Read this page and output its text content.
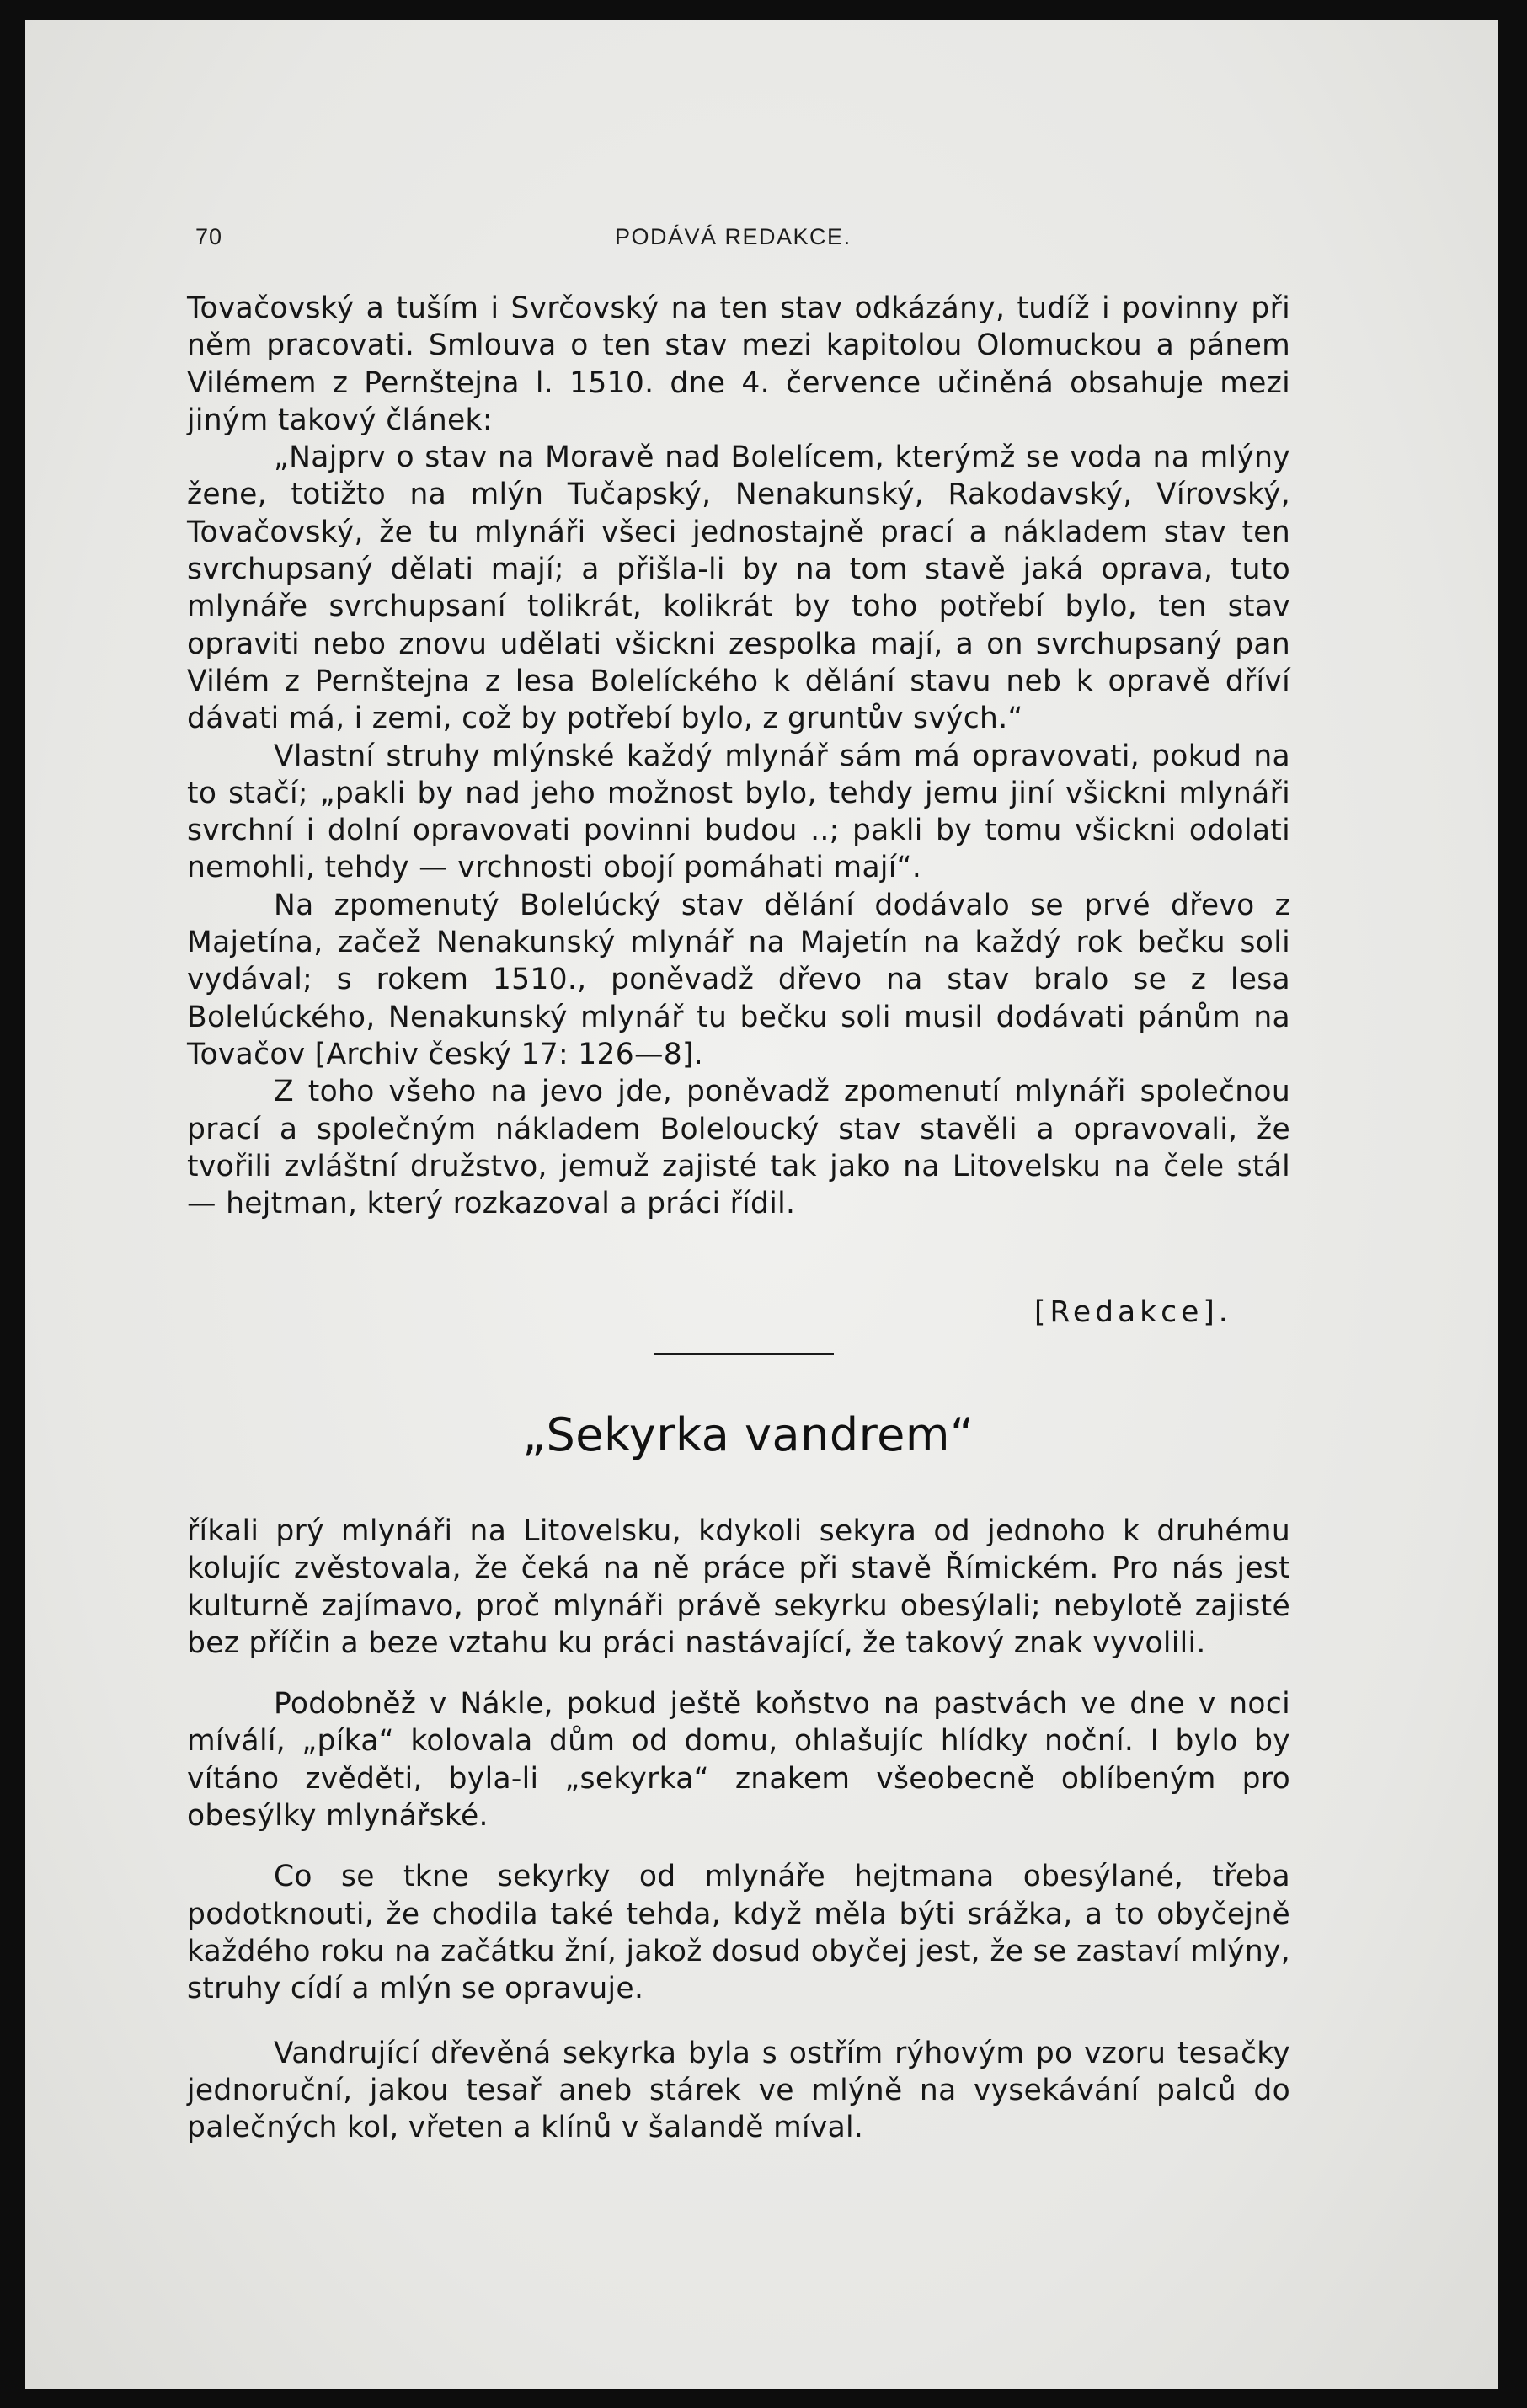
70	PODÁVÁ REDAKCE.

Tovačovský a tuším i Svrčovský na ten stav odkázány, tudíž i povinny při něm pracovati. Smlouva o ten stav mezi kapitolou Olomuckou a pánem Vilémem z Pernštejna l. 1510. dne 4. července učiněná obsahuje mezi jiným takový článek:

„Najprv o stav na Moravě nad Bolelícem, kterýmž se voda na mlýny žene, totižto na mlýn Tučapský, Nenakunský, Rakodavský, Vírovský, Tovačovský, že tu mlynáři všeci jednostajně prací a nákladem stav ten svrchupsaný dělati mají; a přišla-li by na tom stavě jaká oprava, tuto mlynáře svrchupsaní tolikrát, kolikrát by toho potřebí bylo, ten stav opraviti nebo znovu udělati všickni zespolka mají, a on svrchupsaný pan Vilém z Pernštejna z lesa Bolelíckého k dělání stavu neb k opravě dříví dávati má, i zemi, což by potřebí bylo, z gruntův svých.“

Vlastní struhy mlýnské každý mlynář sám má opravovati, pokud na to stačí; „pakli by nad jeho možnost bylo, tehdy jemu jiní všickni mlynáři svrchní i dolní opravovati povinni budou ..; pakli by tomu všickni odolati nemohli, tehdy — vrchnosti obojí pomáhati mají“.

Na zpomenutý Bolelúcký stav dělání dodávalo se prvé dřevo z Majetína, začež Nenakunský mlynář na Majetín na každý rok bečku soli vydával; s rokem 1510., poněvadž dřevo na stav bralo se z lesa Bolelúckého, Nenakunský mlynář tu bečku soli musil dodávati pánům na Tovačov [Archiv český 17: 126—8].

Z toho všeho na jevo jde, poněvadž zpomenutí mlynáři společnou prací a společným nákladem Boleloucký stav stavěli a opravovali, že tvořili zvláštní družstvo, jemuž zajisté tak jako na Litovelsku na čele stál — hejtman, který rozkazoval a práci řídil.

[Redakce].
„Sekyrka vandrem“

říkali prý mlynáři na Litovelsku, kdykoli sekyra od jednoho k druhému kolujíc zvěstovala, že čeká na ně práce při stavě Římickém. Pro nás jest kulturně zajímavo, proč mlynáři právě sekyrku obesýlali; nebylotě zajisté bez příčin a beze vztahu ku práci nastávající, že takový znak vyvolili.

Podobněž v Nákle, pokud ještě koňstvo na pastvách ve dne v noci míválí, „píka“ kolovala dům od domu, ohlašujíc hlídky noční. I bylo by vítáno zvěděti, byla-li „sekyrka“ znakem všeobecně oblíbeným pro obesýlky mlynářské.

Co se tkne sekyrky od mlynáře hejtmana obesýlané, třeba podotknouti, že chodila také tehda, když měla býti srážka, a to obyčejně každého roku na začátku žní, jakož dosud obyčej jest, že se zastaví mlýny, struhy cídí a mlýn se opravuje.

Vandrující dřevěná sekyrka byla s ostřím rýhovým po vzoru tesačky jednoruční, jakou tesař aneb stárek ve mlýně na vysekávání palců do palečných kol, vřeten a klínů v šalandě míval.
